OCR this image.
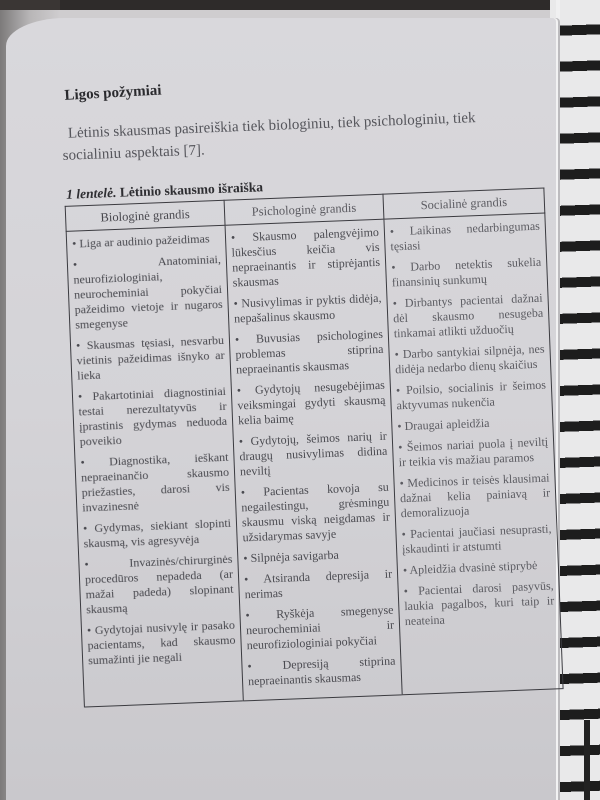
Ligos požymiai

Lėtinis skausmas pasireiškia tiek biologiniu, tiek psichologiniu, tiek socialiniu aspektais [7].

1 lentelė. Lėtinio skausmo išraiška
Biologinė grandis	Psichologinė grandis	Socialinė grandis

• Liga ar audinio pažeidimas
• Anatominiai, neurofiziologiniai, neurocheminiai pokyčiai pažeidimo vietoje ir nugaros smegenyse
• Skausmas tęsiasi, nesvarbu vietinis pažeidimas išnyko ar lieka
• Pakartotiniai diagnostiniai testai nerezultatyvūs ir įprastinis gydymas neduoda poveikio
• Diagnostika, ieškant nepraeinančio skausmo priežasties, darosi vis invazinesnė
• Gydymas, siekiant slopinti skausmą, vis agresyvėja
• Invazinės/chirurginės procedūros nepadeda (ar mažai padeda) slopinant skausmą
• Gydytojai nusivylę ir pasako pacientams, kad skausmo sumažinti jie negali

• Skausmo palengvėjimo lūkesčius keičia vis nepraeinantis ir stiprėjantis skausmas
• Nusivylimas ir pyktis didėja, nepašalinus skausmo
• Buvusias psichologines problemas stiprina nepraeinantis skausmas
• Gydytojų nesugebėjimas veiksmingai gydyti skausmą kelia baimę
• Gydytojų, šeimos narių ir draugų nusivylimas didina neviltį
• Pacientas kovoja su negailestingu, grėsmingu skausmu viską neigdamas ir užsidarymas savyje
• Silpnėja savigarba
• Atsiranda depresija ir nerimas
• Ryškėja smegenyse neurocheminiai ir neurofiziologiniai pokyčiai
• Depresiją stiprina nepraeinantis skausmas

• Laikinas nedarbingumas tęsiasi
• Darbo netektis sukelia finansinių sunkumų
• Dirbantys pacientai dažnai dėl skausmo nesugeba tinkamai atlikti užduočių
• Darbo santykiai silpnėja, nes didėja nedarbo dienų skaičius
• Poilsio, socialinis ir šeimos aktyvumas nukenčia
• Draugai apleidžia
• Šeimos nariai puola į neviltį ir teikia vis mažiau paramos
• Medicinos ir teisės klausimai dažnai kelia painiavą ir demoralizuoja
• Pacientai jaučiasi nesuprasti, įskaudinti ir atstumti
• Apleidžia dvasinė stiprybė
• Pacientai darosi pasyvūs, laukia pagalbos, kuri taip ir neateina
